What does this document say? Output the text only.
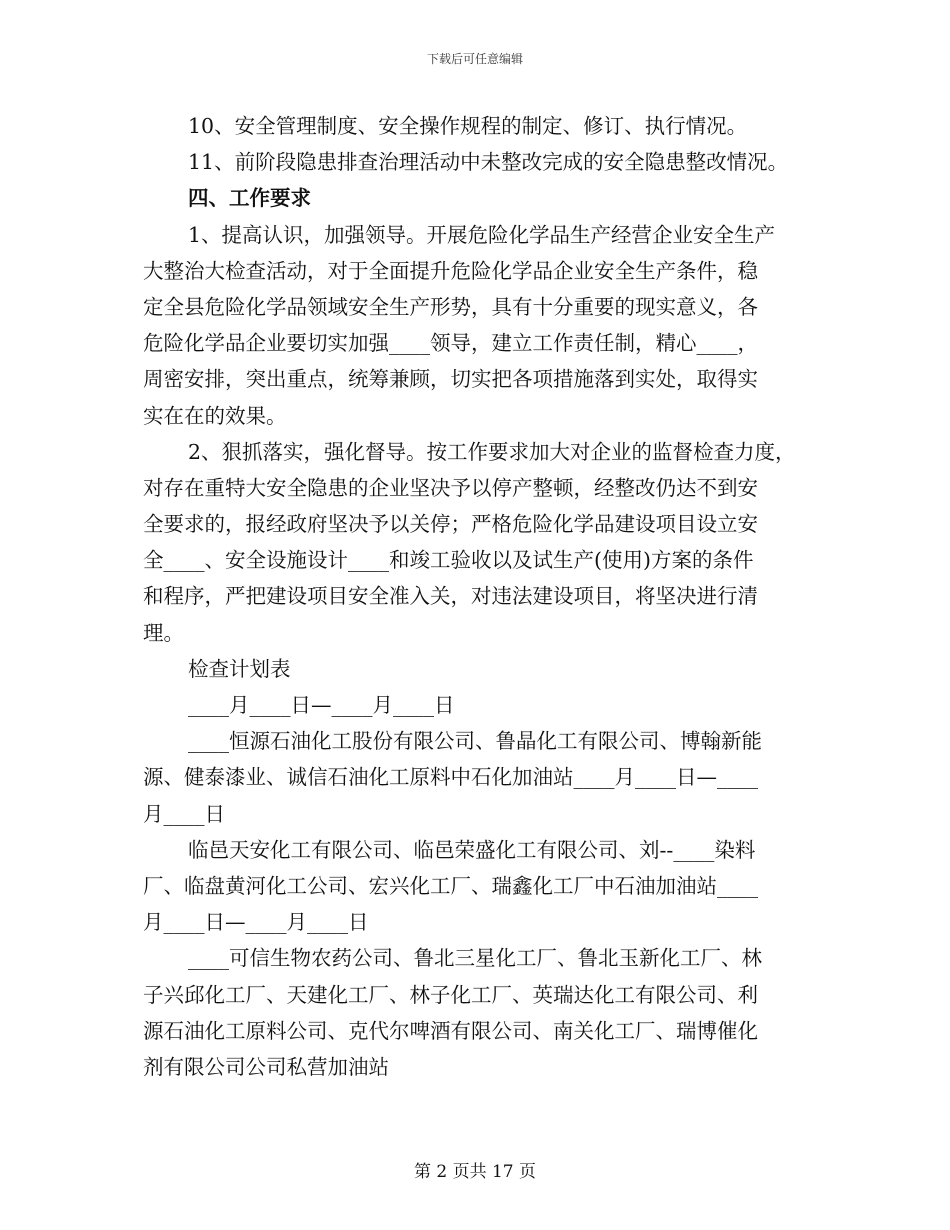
下载后可任意编辑
10、安全管理制度、安全操作规程的制定、修订、执行情况。
11、前阶段隐患排查治理活动中未整改完成的安全隐患整改情况。
四、工作要求
1、提高认识，加强领导。开展危险化学品生产经营企业安全生产
大整治大检查活动，对于全面提升危险化学品企业安全生产条件，稳
定全县危险化学品领域安全生产形势，具有十分重要的现实意义，各
危险化学品企业要切实加强____领导，建立工作责任制，精心____，
周密安排，突出重点，统筹兼顾，切实把各项措施落到实处，取得实
实在在的效果。
2、狠抓落实，强化督导。按工作要求加大对企业的监督检查力度，
对存在重特大安全隐患的企业坚决予以停产整顿，经整改仍达不到安
全要求的，报经政府坚决予以关停；严格危险化学品建设项目设立安
全____、安全设施设计____和竣工验收以及试生产(使用)方案的条件
和程序，严把建设项目安全准入关，对违法建设项目，将坚决进行清
理。
检查计划表
____月____日—____月____日
____恒源石油化工股份有限公司、鲁晶化工有限公司、博翰新能
源、健泰漆业、诚信石油化工原料中石化加油站____月____日—____
月____日
临邑天安化工有限公司、临邑荣盛化工有限公司、刘--____染料
厂、临盘黄河化工公司、宏兴化工厂、瑞鑫化工厂中石油加油站____
月____日—____月____日
____可信生物农药公司、鲁北三星化工厂、鲁北玉新化工厂、林
子兴邱化工厂、天建化工厂、林子化工厂、英瑞达化工有限公司、利
源石油化工原料公司、克代尔啤酒有限公司、南关化工厂、瑞博催化
剂有限公司公司私营加油站
第 2 页共 17 页
